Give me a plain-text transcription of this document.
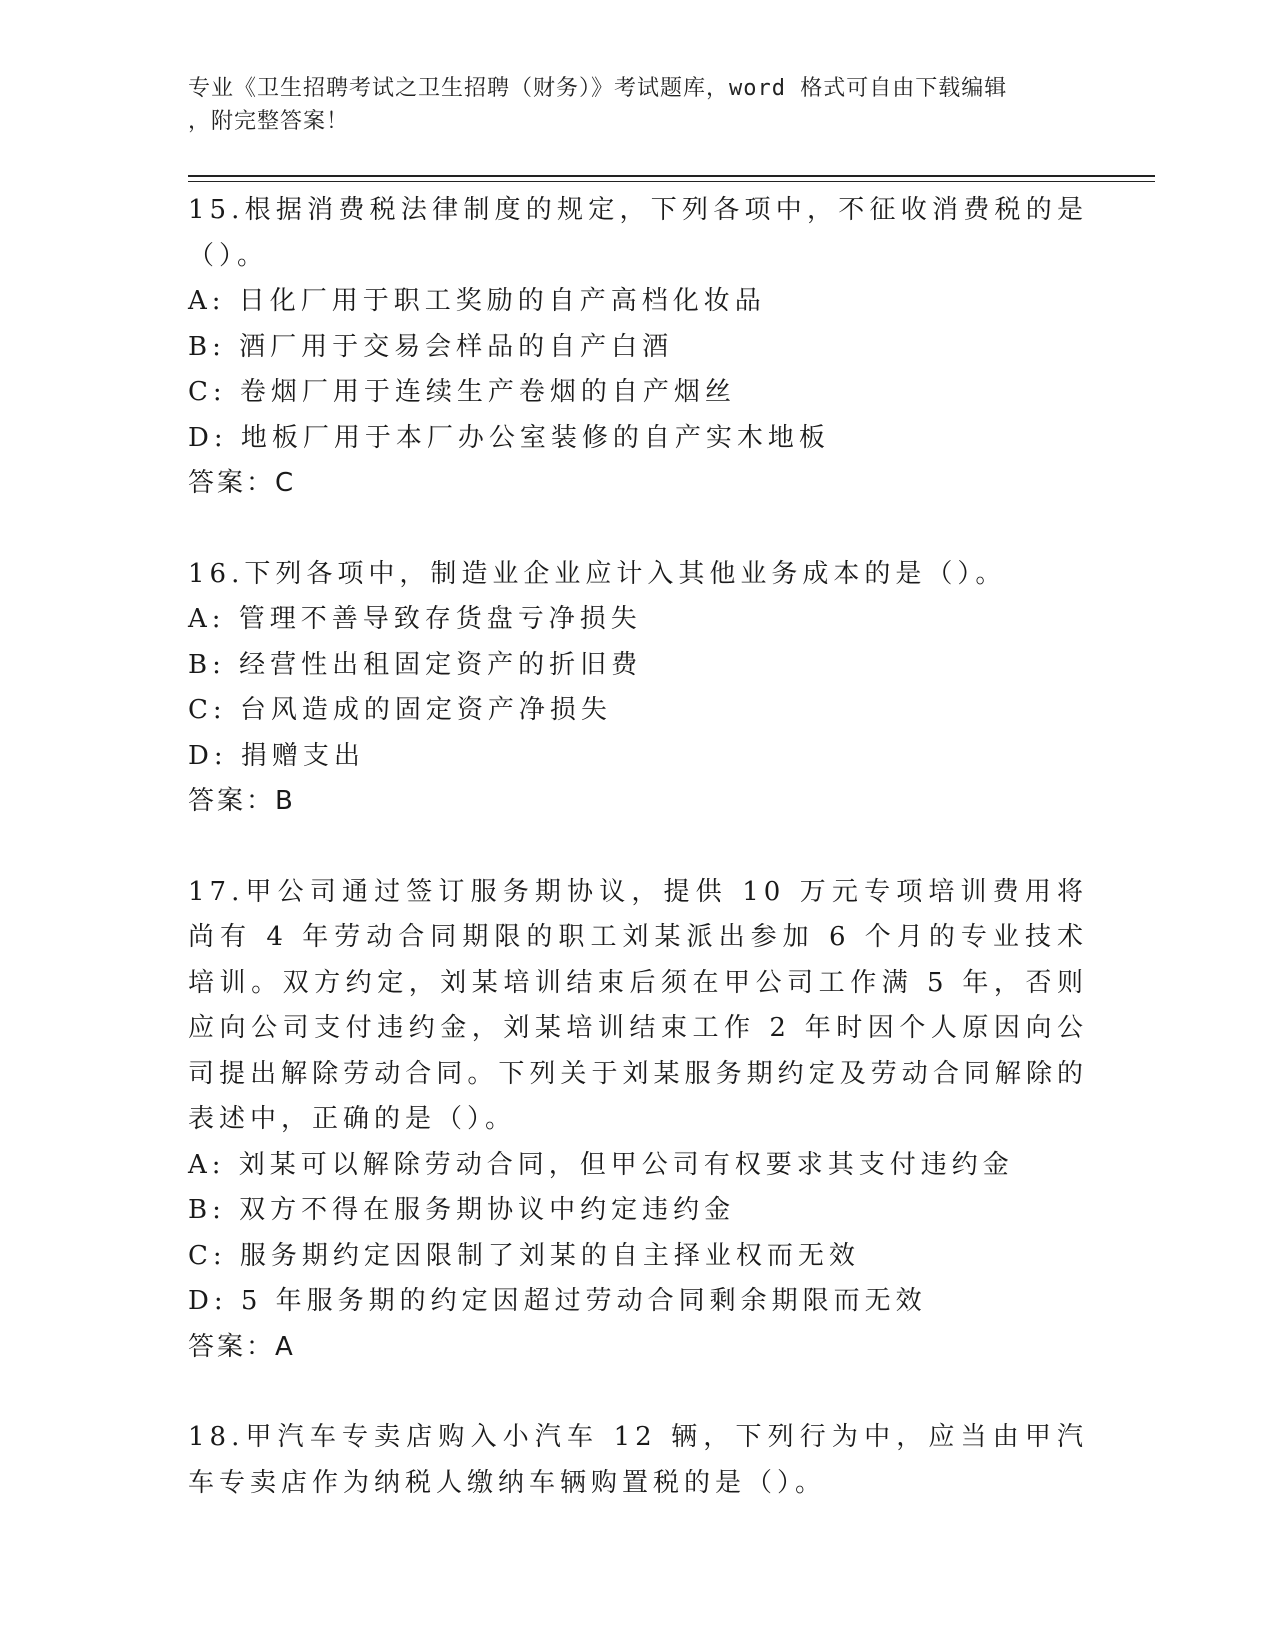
专业《卫生招聘考试之卫生招聘（财务）》考试题库，word 格式可自由下载编辑
，附完整答案！

15.根据消费税法律制度的规定，下列各项中，不征收消费税的是（）。

A: 日化厂用于职工奖励的自产高档化妆品

B: 酒厂用于交易会样品的自产白酒

C: 卷烟厂用于连续生产卷烟的自产烟丝

D: 地板厂用于本厂办公室装修的自产实木地板

答案：C

16.下列各项中，制造业企业应计入其他业务成本的是（）。

A: 管理不善导致存货盘亏净损失

B: 经营性出租固定资产的折旧费

C: 台风造成的固定资产净损失

D: 捐赠支出

答案：B

17.甲公司通过签订服务期协议，提供 10 万元专项培训费用将尚有 4 年劳动合同期限的职工刘某派出参加 6 个月的专业技术培训。双方约定，刘某培训结束后须在甲公司工作满 5 年，否则应向公司支付违约金，刘某培训结束工作 2 年时因个人原因向公司提出解除劳动合同。下列关于刘某服务期约定及劳动合同解除的表述中，正确的是（）。

A: 刘某可以解除劳动合同，但甲公司有权要求其支付违约金

B: 双方不得在服务期协议中约定违约金

C: 服务期约定因限制了刘某的自主择业权而无效

D: 5 年服务期的约定因超过劳动合同剩余期限而无效

答案：A

18.甲汽车专卖店购入小汽车 12 辆，下列行为中，应当由甲汽车专卖店作为纳税人缴纳车辆购置税的是（）。
